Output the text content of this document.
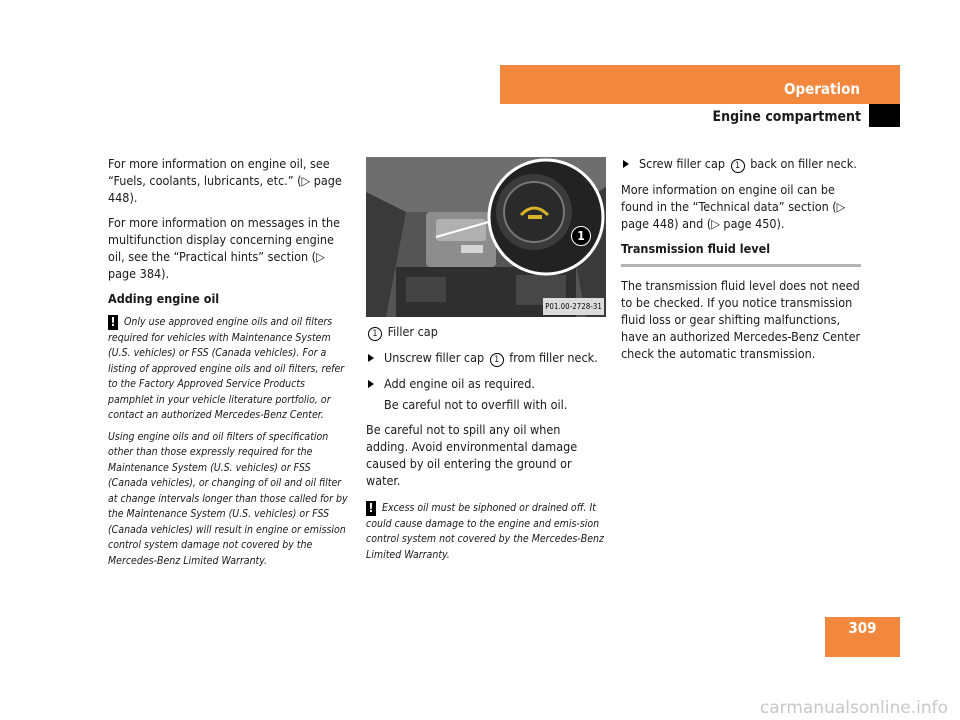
Operation
Engine compartment

For more information on engine oil, see “Fuels, coolants, lubricants, etc.” (▷ page 448).

For more information on messages in the multifunction display concerning engine oil, see the “Practical hints” section (▷ page 384).

Adding engine oil

! Only use approved engine oils and oil filters required for vehicles with Maintenance System (U.S. vehicles) or FSS (Canada vehicles). For a listing of approved engine oils and oil filters, refer to the Factory Approved Service Products pamphlet in your vehicle literature portfolio, or contact an authorized Mercedes-Benz Center.

Using engine oils and oil filters of specification other than those expressly required for the Maintenance System (U.S. vehicles) or FSS (Canada vehicles), or changing of oil and oil filter at change intervals longer than those called for by the Maintenance System (U.S. vehicles) or FSS (Canada vehicles) will result in engine or emission control system damage not covered by the Mercedes-Benz Limited Warranty.

1
P01.00-2728-31

1 Filler cap

Unscrew filler cap 1 from filler neck.
Add engine oil as required.

Be careful not to overfill with oil.

Be careful not to spill any oil when adding. Avoid environmental damage caused by oil entering the ground or water.

! Excess oil must be siphoned or drained off. It could cause damage to the engine and emis-sion control system not covered by the Mercedes-Benz Limited Warranty.

Screw filler cap 1 back on filler neck.

More information on engine oil can be found in the “Technical data” section (▷ page 448) and (▷ page 450).

Transmission fluid level

The transmission fluid level does not need to be checked. If you notice transmission fluid loss or gear shifting malfunctions, have an authorized Mercedes-Benz Center check the automatic transmission.

309
carmanualsonline.info
